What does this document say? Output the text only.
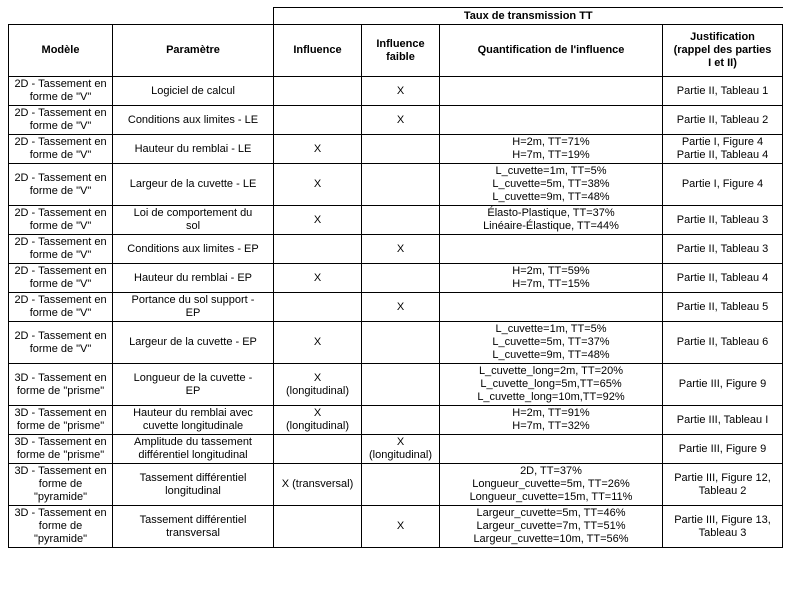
		Taux de transmission TT			
Modèle	Paramètre	Influence	Influence
faible	Quantification de l'influence	Justification
(rappel des parties
I et II)
2D - Tassement en
forme de "V"	Logiciel de calcul		X		Partie II, Tableau 1
2D - Tassement en
forme de "V"	Conditions aux limites - LE		X		Partie II, Tableau 2
2D - Tassement en
forme de "V"	Hauteur du remblai - LE	X		H=2m, TT=71%
H=7m, TT=19%	Partie I, Figure 4
Partie II, Tableau 4
2D - Tassement en
forme de "V"	Largeur de la cuvette - LE	X		L_cuvette=1m, TT=5%
L_cuvette=5m, TT=38%
L_cuvette=9m, TT=48%	Partie I, Figure 4
2D - Tassement en
forme de "V"	Loi de comportement du
sol	X		Élasto-Plastique, TT=37%
Linéaire-Élastique, TT=44%	Partie II, Tableau 3
2D - Tassement en
forme de "V"	Conditions aux limites - EP		X		Partie II, Tableau 3
2D - Tassement en
forme de "V"	Hauteur du remblai - EP	X		H=2m, TT=59%
H=7m, TT=15%	Partie II, Tableau 4
2D - Tassement en
forme de "V"	Portance du sol support -
EP		X		Partie II, Tableau 5
2D - Tassement en
forme de "V"	Largeur de la cuvette - EP	X		L_cuvette=1m, TT=5%
L_cuvette=5m, TT=37%
L_cuvette=9m, TT=48%	Partie II, Tableau 6
3D - Tassement en
forme de "prisme"	Longueur de la cuvette -
EP	X
(longitudinal)		L_cuvette_long=2m, TT=20%
L_cuvette_long=5m,TT=65%
L_cuvette_long=10m,TT=92%	Partie III, Figure 9
3D - Tassement en
forme de "prisme"	Hauteur du remblai avec
cuvette longitudinale	X
(longitudinal)		H=2m, TT=91%
H=7m, TT=32%	Partie III, Tableau I
3D - Tassement en
forme de "prisme"	Amplitude du tassement
différentiel longitudinal		X
(longitudinal)		Partie III, Figure 9
3D - Tassement en
forme de
"pyramide"	Tassement différentiel
longitudinal	X (transversal)		2D, TT=37%
Longueur_cuvette=5m, TT=26%
Longueur_cuvette=15m, TT=11%	Partie III, Figure 12,
Tableau 2
3D - Tassement en
forme de
"pyramide"	Tassement différentiel
transversal		X	Largeur_cuvette=5m, TT=46%
Largeur_cuvette=7m, TT=51%
Largeur_cuvette=10m, TT=56%	Partie III, Figure 13,
Tableau 3
